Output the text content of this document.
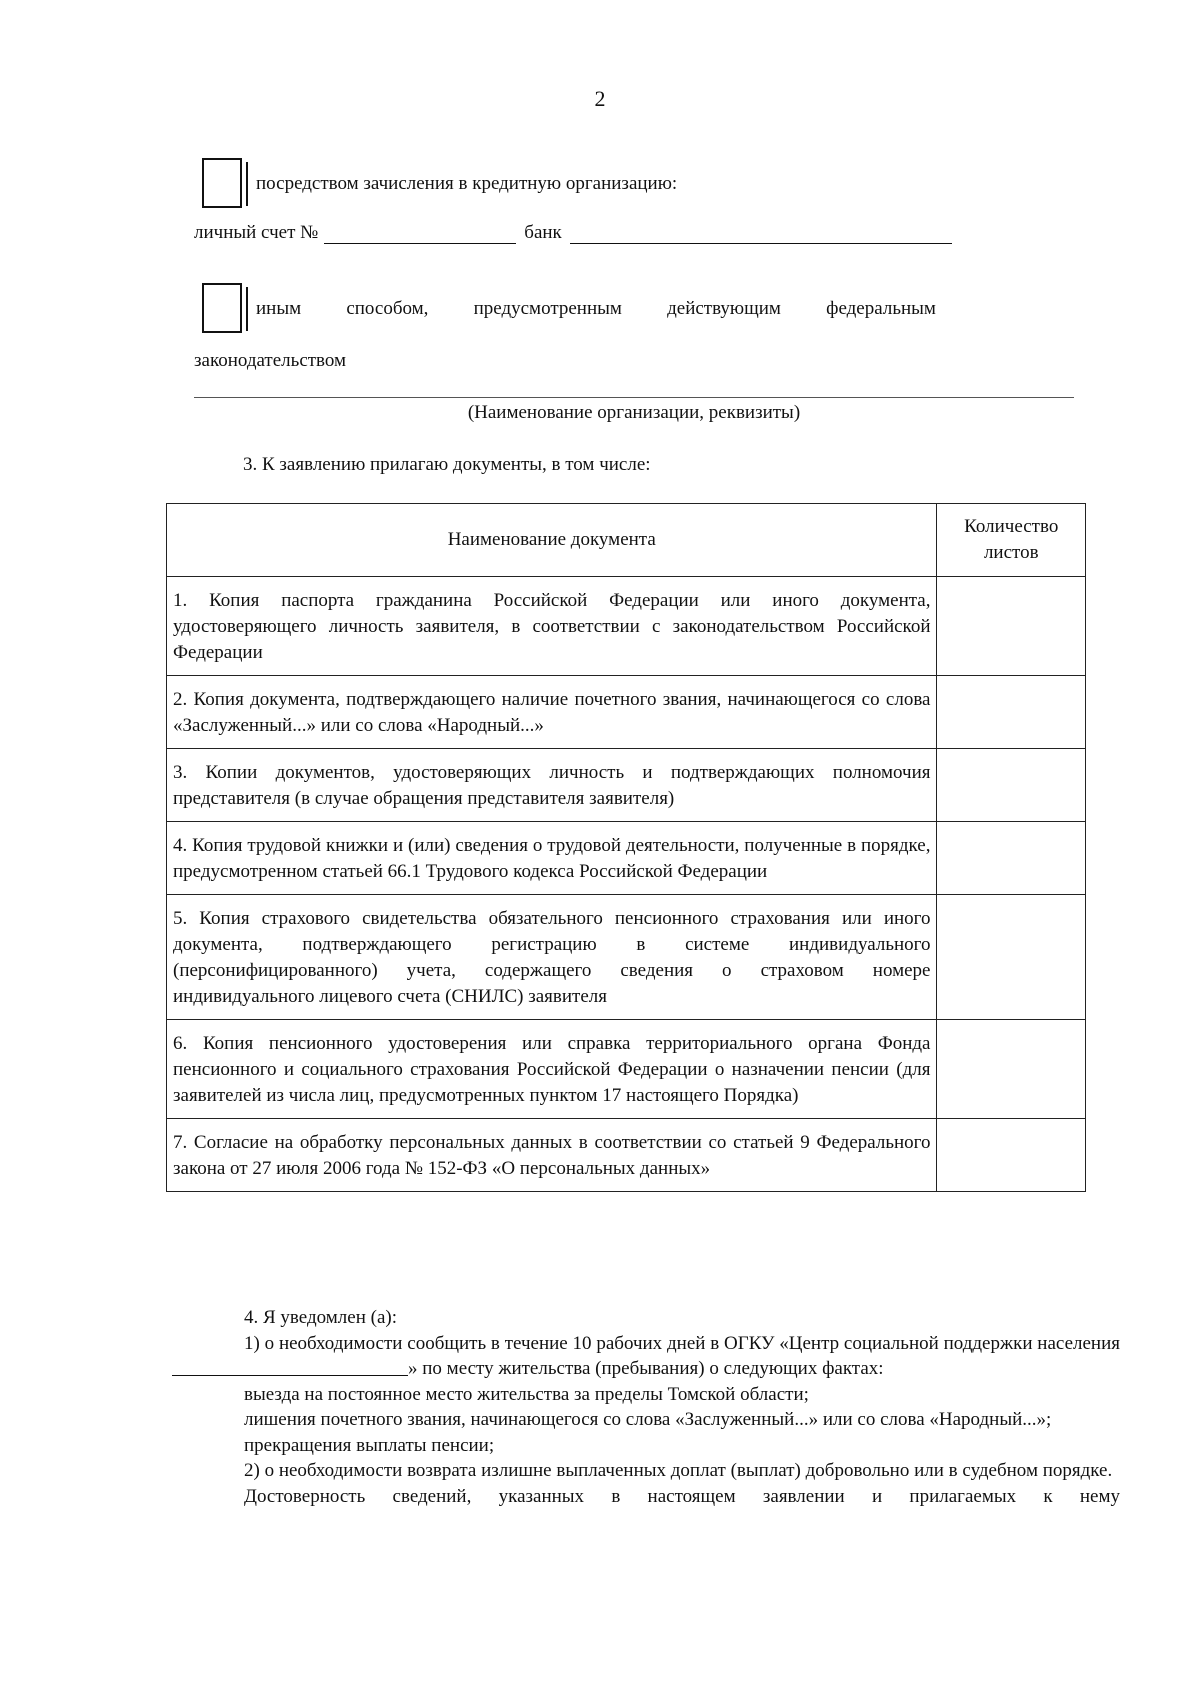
2
посредством зачисления в кредитную организацию:
личный счет №	банк
иным способом, предусмотренным действующим федеральным
законодательством
(Наименование организации, реквизиты)
3. К заявлению прилагаю документы, в том числе:
Наименование документа	Количество листов
1. Копия паспорта гражданина Российской Федерации или иного документа, удостоверяющего личность заявителя, в соответствии с законодательством Российской Федерации	
2. Копия документа, подтверждающего наличие почетного звания, начинающегося со слова «Заслуженный...» или со слова «Народный...»	
3. Копии документов, удостоверяющих личность и подтверждающих полномочия представителя (в случае обращения представителя заявителя)	
4. Копия трудовой книжки и (или) сведения о трудовой деятельности, полученные в порядке, предусмотренном статьей 66.1 Трудового кодекса Российской Федерации	
5. Копия страхового свидетельства обязательного пенсионного страхования или иного документа, подтверждающего регистрацию в системе индивидуального (персонифицированного) учета, содержащего сведения о страховом номере индивидуального лицевого счета (СНИЛС) заявителя	
6. Копия пенсионного удостоверения или справка территориального органа Фонда пенсионного и социального страхования Российской Федерации о назначении пенсии (для заявителей из числа лиц, предусмотренных пунктом 17 настоящего Порядка)	
7. Согласие на обработку персональных данных в соответствии со статьей 9 Федерального закона от 27 июля 2006 года № 152-ФЗ «О персональных данных»	

4. Я уведомлен (а):

1) о необходимости сообщить в течение 10 рабочих дней в ОГКУ «Центр социальной поддержки населения » по месту жительства (пребывания) о следующих фактах:

выезда на постоянное место жительства за пределы Томской области;

лишения почетного звания, начинающегося со слова «Заслуженный...» или со слова «Народный...»;

прекращения выплаты пенсии;

2) о необходимости возврата излишне выплаченных доплат (выплат) добровольно или в судебном порядке.

Достоверность сведений, указанных в настоящем заявлении и прилагаемых к нему
